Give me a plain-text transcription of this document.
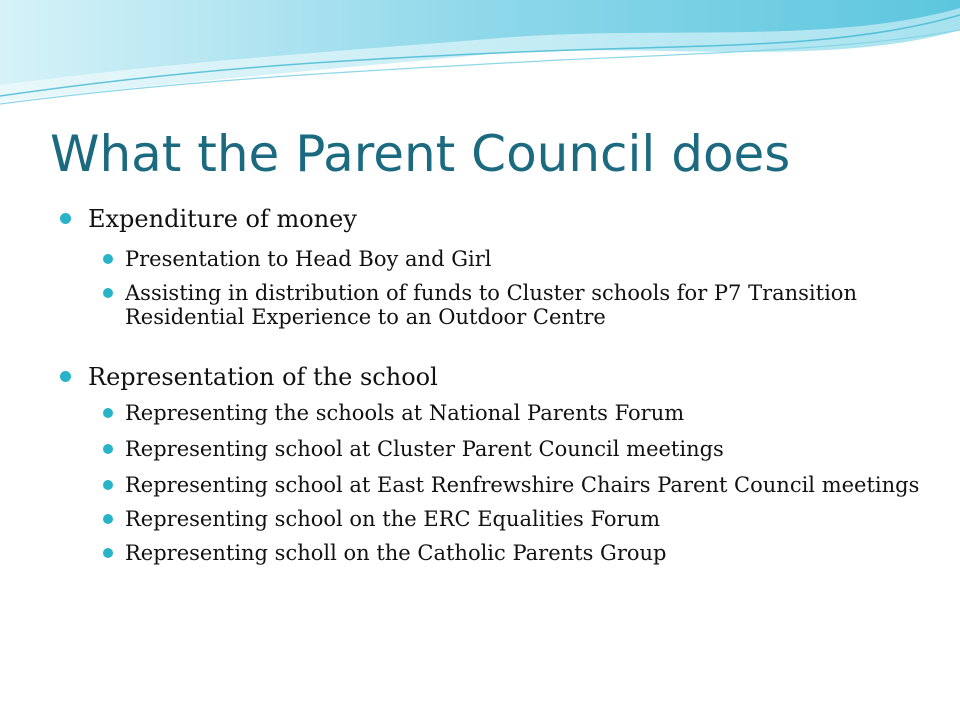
What the Parent Council does
Expenditure of money
Presentation to Head Boy and Girl
Assisting in distribution of funds to Cluster schools for P7 Transition Residential Experience to an Outdoor Centre
Representation of the school
Representing the schools at National Parents Forum
Representing school at Cluster Parent Council meetings
Representing school at East Renfrewshire Chairs Parent Council meetings
Representing school on the ERC Equalities Forum
Representing scholl on the Catholic Parents Group
